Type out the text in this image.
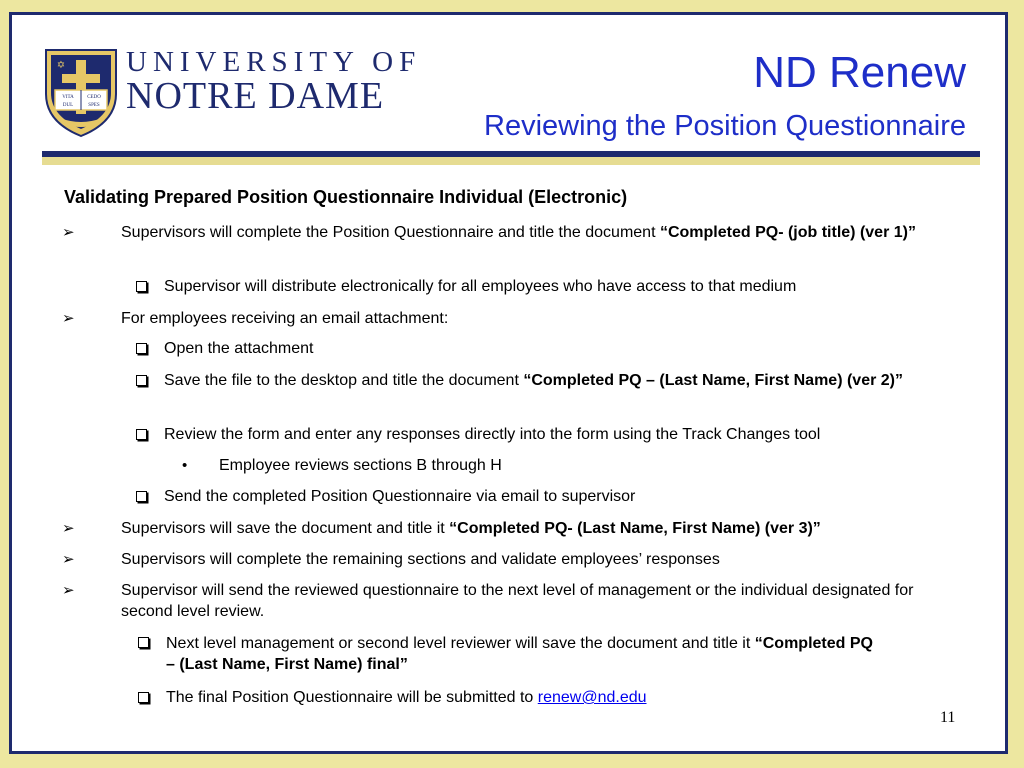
VITA	CEDO
DUL	SPES
✡ UNIVERSITY OF
NOTRE DAME	ND Renew
Reviewing the Position Questionnaire
Validating Prepared Position Questionnaire Individual (Electronic)
➢	Supervisors will complete the Position Questionnaire and title the document “Completed PQ- (job title) (ver 1)”
Supervisor will distribute electronically for all employees who have access to that medium
➢	For employees receiving an email attachment:
Open the attachment
Save the file to the desktop and title the document “Completed PQ – (Last Name, First Name) (ver 2)”
Review the form and enter any responses directly into the form using the Track Changes tool
• Employee reviews sections B through H
Send the completed Position Questionnaire via email to supervisor
➢	Supervisors will save the document and title it “Completed PQ- (Last Name, First Name) (ver 3)”
➢	Supervisors will complete the remaining sections and validate employees’ responses
➢	Supervisor will send the reviewed questionnaire to the next level of management or the individual designated for second level review.
Next level management or second level reviewer will save the document and title it “Completed PQ – (Last Name, First Name) final”
The final Position Questionnaire will be submitted to renew@nd.edu
11
